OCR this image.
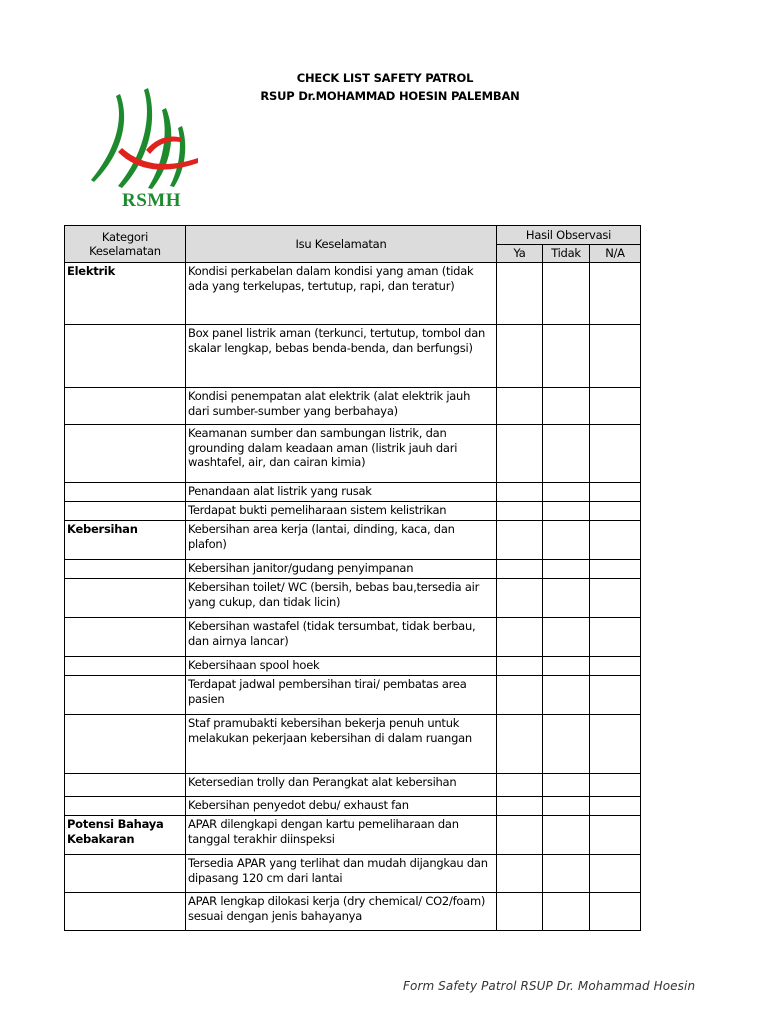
CHECK LIST SAFETY PATROL
RSUP Dr.MOHAMMAD HOESIN PALEMBAN
RSMH
Kategori Keselamatan	Isu Keselamatan	Hasil Observasi		
		Ya	Tidak	N/A
Elektrik	Kondisi perkabelan dalam kondisi yang aman (tidak ada yang terkelupas, tertutup, rapi, dan teratur)			
	Box panel listrik aman (terkunci, tertutup, tombol dan skalar lengkap, bebas benda-benda, dan berfungsi)			
	Kondisi penempatan alat elektrik (alat elektrik jauh dari sumber-sumber yang berbahaya)			
	Keamanan sumber dan sambungan listrik, dan grounding dalam keadaan aman (listrik jauh dari washtafel, air, dan cairan kimia)			
	Penandaan alat listrik yang rusak			
	Terdapat bukti pemeliharaan sistem kelistrikan			
Kebersihan	Kebersihan area kerja (lantai, dinding, kaca, dan plafon)			
	Kebersihan janitor/gudang penyimpanan			
	Kebersihan toilet/ WC (bersih, bebas bau,tersedia air yang cukup, dan tidak licin)			
	Kebersihan wastafel (tidak tersumbat, tidak berbau, dan airnya lancar)			
	Kebersihaan spool hoek			
	Terdapat jadwal pembersihan tirai/ pembatas area pasien			
	Staf pramubakti kebersihan bekerja penuh untuk melakukan pekerjaan kebersihan di dalam ruangan			
	Ketersedian trolly dan Perangkat alat kebersihan			
	Kebersihan penyedot debu/ exhaust fan			
Potensi Bahaya Kebakaran	APAR dilengkapi dengan kartu pemeliharaan dan tanggal terakhir diinspeksi			
	Tersedia APAR yang terlihat dan mudah dijangkau dan dipasang 120 cm dari lantai			
	APAR lengkap dilokasi kerja (dry chemical/ CO2/foam) sesuai dengan jenis bahayanya			
Form Safety Patrol RSUP Dr. Mohammad Hoesin
